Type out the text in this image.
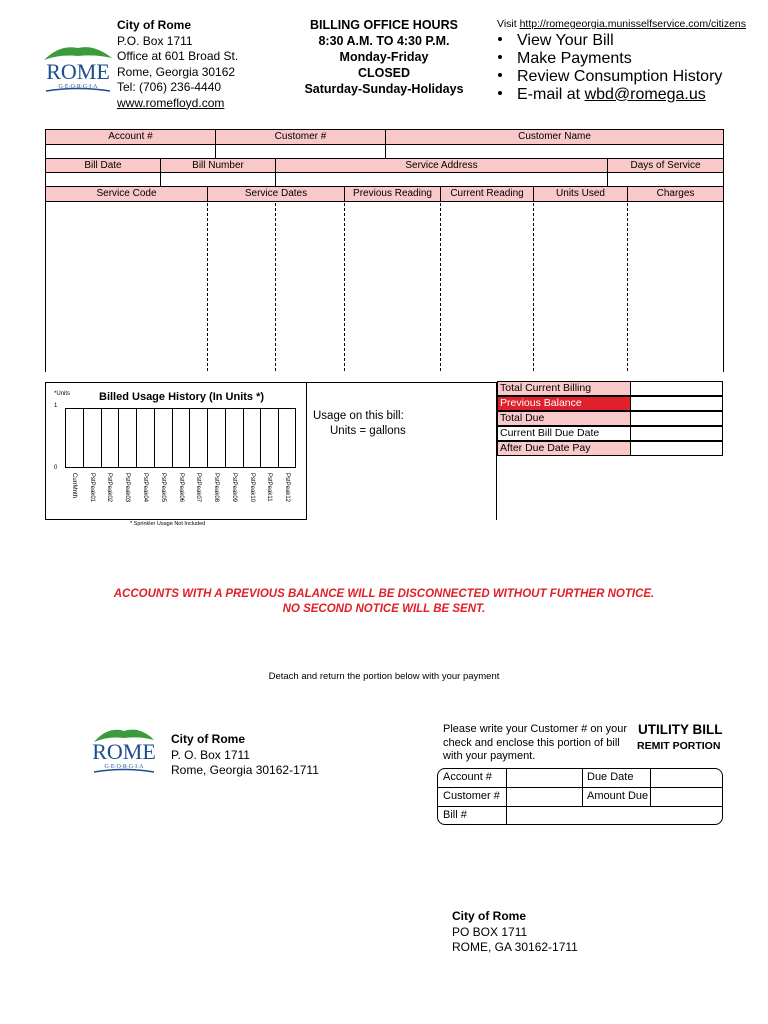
ROME
G·E·O·R·G·I·A
City of Rome
P.O. Box 1711
Office at 601 Broad St.
Rome, Georgia 30162
Tel: (706) 236-4440
www.romefloyd.com
BILLING OFFICE HOURS
8:30 A.M. TO 4:30 P.M.
Monday-Friday
CLOSED
Saturday-Sunday-Holidays
Visit http://romegeorgia.munisselfservice.com/citizens
View Your Bill
Make Payments
Review Consumption History
E-mail at wbd@romega.us
Account #	Customer #	Customer Name
Bill Date	Bill Number	Service Address	Days of Service
Service Code	Service Dates	Previous Reading	Current Reading	Units Used	Charges
*Units	Billed Usage History (In Units *)
1
0
CurrMnth PstPeak01 PstPeak02 PstPeak03 PstPeak04 PstPeak05 PstPeak06 PstPeak07 PstPeak08 PstPeak09 PstPeak10 PstPeak11 PstPeak12
* Sprinkler Usage Not Included
Usage on this bill:
Units = gallons
Total Current Billing
Previous Balance
Total Due
Current Bill Due Date
After Due Date Pay
ACCOUNTS WITH A PREVIOUS BALANCE WILL BE DISCONNECTED WITHOUT FURTHER NOTICE.
NO SECOND NOTICE WILL BE SENT.
Detach and return the portion below with your payment
ROME
G·E·O·R·G·I·A
City of Rome
P. O. Box 1711
Rome, Georgia 30162-1711
Please write your Customer # on your
check and enclose this portion of bill
with your payment.
UTILITY BILL
REMIT PORTION
Account #	Due Date
Customer #	Amount Due
Bill #
City of Rome
PO BOX 1711
ROME, GA 30162-1711
